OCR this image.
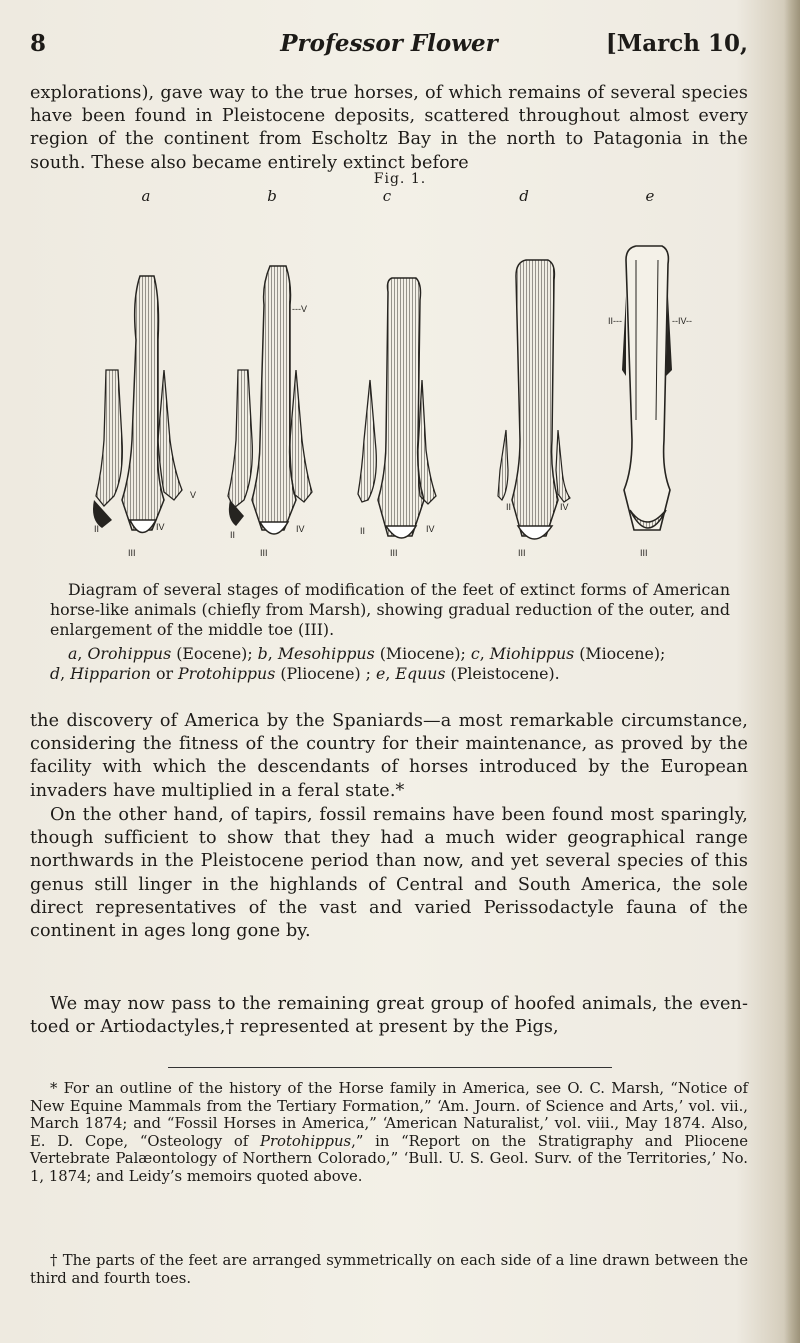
8	Professor Flower	[March 10,

explorations), gave way to the true horses, of which remains of several species have been found in Pleistocene deposits, scattered throughout almost every region of the continent from Escholtz Bay in the north to Patagonia in the south. These also became entirely extinct before

Fig. 1.
a	b	c	d	e
V
II	IV
III
---V
II
IV
III
II	IV
III
II	IV
III
II---	--IV--
III

Diagram of several stages of modification of the feet of extinct forms of American horse-like animals (chiefly from Marsh), showing gradual reduction of the outer, and enlargement of the middle toe (III).

a, Orohippus (Eocene); b, Mesohippus (Miocene); c, Miohippus (Miocene);
d, Hipparion or Protohippus (Pliocene) ; e, Equus (Pleistocene).

the discovery of America by the Spaniards—a most remarkable circumstance, considering the fitness of the country for their maintenance, as proved by the facility with which the descendants of horses introduced by the European invaders have multiplied in a feral state.*

On the other hand, of tapirs, fossil remains have been found most sparingly, though sufficient to show that they had a much wider geographical range northwards in the Pleistocene period than now, and yet several species of this genus still linger in the highlands of Central and South America, the sole direct representatives of the vast and varied Perissodactyle fauna of the continent in ages long gone by.

We may now pass to the remaining great group of hoofed animals, the even-toed or Artiodactyles,† represented at present by the Pigs,

* For an outline of the history of the Horse family in America, see O. C. Marsh, “Notice of New Equine Mammals from the Tertiary Formation,” ‘Am. Journ. of Science and Arts,’ vol. vii., March 1874; and “Fossil Horses in America,” ‘American Naturalist,’ vol. viii., May 1874. Also, E. D. Cope, “Osteology of Protohippus,” in “Report on the Stratigraphy and Pliocene Vertebrate Palæontology of Northern Colorado,” ‘Bull. U. S. Geol. Surv. of the Territories,’ No. 1, 1874; and Leidy’s memoirs quoted above.

† The parts of the feet are arranged symmetrically on each side of a line drawn between the third and fourth toes.
